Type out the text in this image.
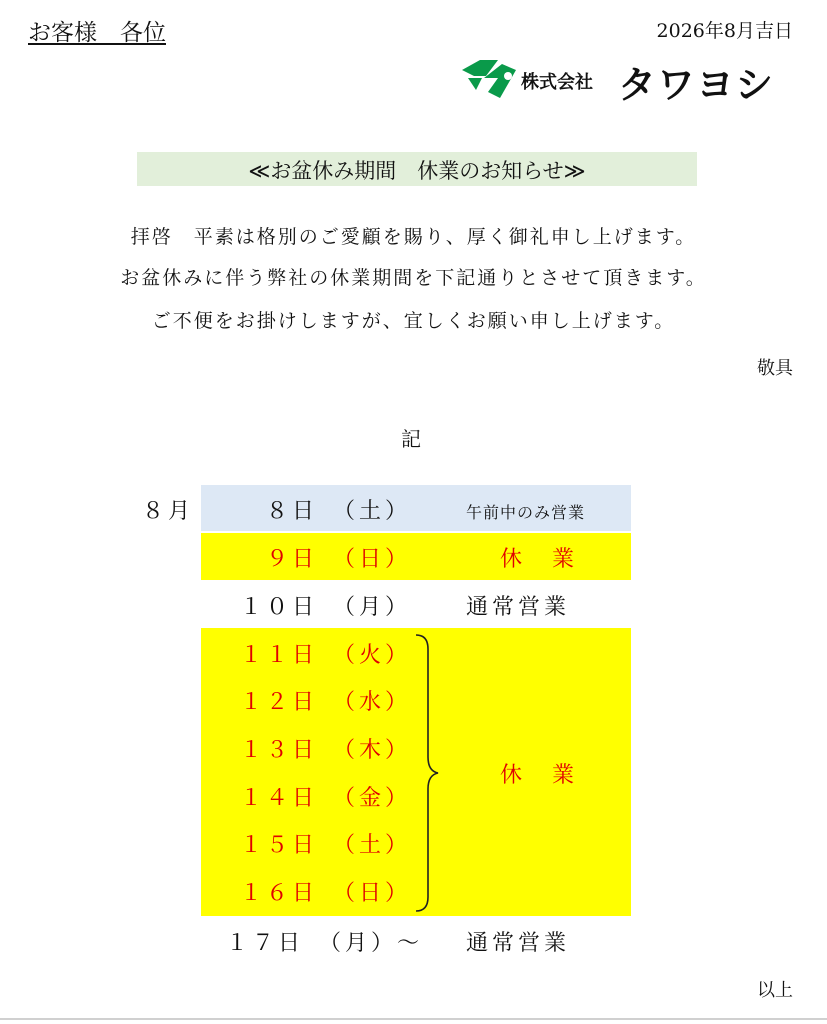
お客様　各位	2026年8月吉日
株式会社 タワヨシ
≪お盆休み期間　休業のお知らせ≫
拝啓　平素は格別のご愛顧を賜り、厚く御礼申し上げます。
お盆休みに伴う弊社の休業期間を下記通りとさせて頂きます。
ご不便をお掛けしますが、宜しくお願い申し上げます。
敬具
記
８月	８日　（土）	午前中のみ営業
９日　（日）	休　業
１０日　（月）	通常営業
１１日　（火）
１２日　（水）
１３日　（木）
１４日　（金）
１５日　（土）
１６日　（日）
休　業
１７日　（月）～	通常営業
以上
